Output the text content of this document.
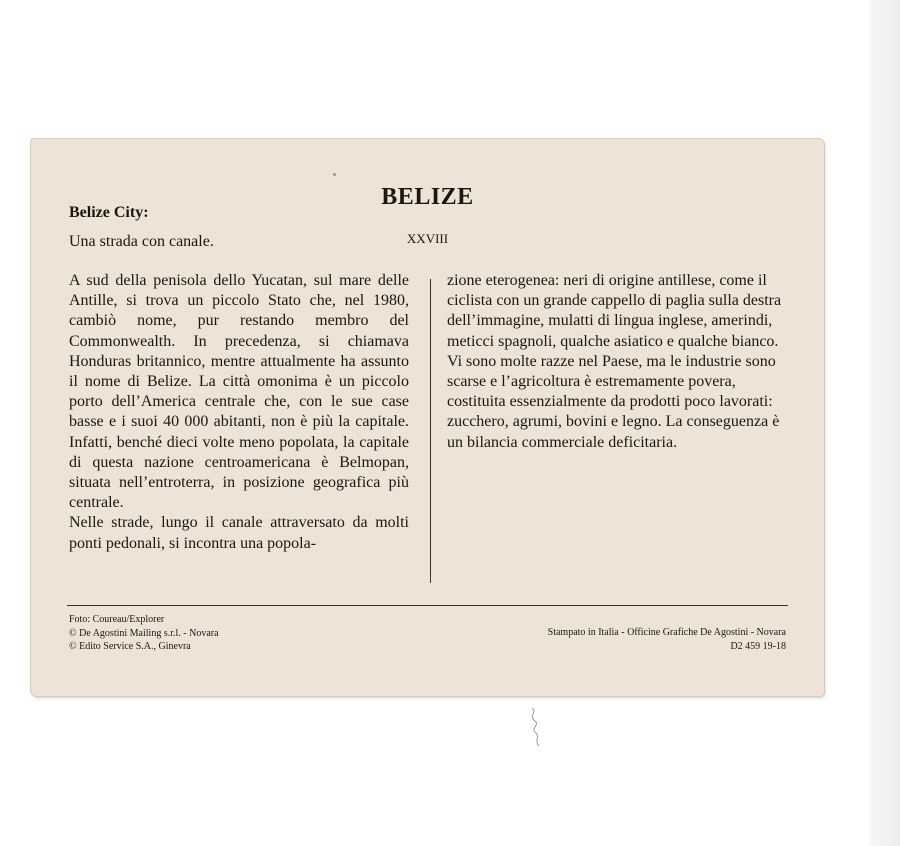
Belize City:

Una strada con canale.

BELIZE

XXVIII

A sud della penisola dello Yucatan, sul mare delle Antille, si trova un piccolo Stato che, nel 1980, cambiò nome, pur restando membro del Commonwealth. In precedenza, si chiamava Honduras britannico, mentre attualmente ha assunto il nome di Belize. La città omonima è un piccolo porto dell’America centrale che, con le sue case basse e i suoi 40 000 abitanti, non è più la capitale. Infatti, benché dieci volte meno popolata, la capitale di questa nazione centroamericana è Belmopan, situata nell’entroterra, in posizione geografica più centrale.

Nelle strade, lungo il canale attraversato da molti ponti pedonali, si incontra una popola-

zione eterogenea: neri di origine antillese, come il ciclista con un grande cappello di paglia sulla destra dell’immagine, mulatti di lingua inglese, amerindi, meticci spagnoli, qualche asiatico e qualche bianco. Vi sono molte razze nel Paese, ma le industrie sono scarse e l’agricoltura è estremamente povera, costituita essenzialmente da prodotti poco lavorati: zucchero, agrumi, bovini e legno. La conseguenza è un bilancia commerciale deficitaria.

Foto: Coureau/Explorer
© De Agostini Mailing s.r.l. - Novara
© Edito Service S.A., Ginevra
Stampato in Italia - Officine Grafiche De Agostini - Novara
D2 459 19-18
